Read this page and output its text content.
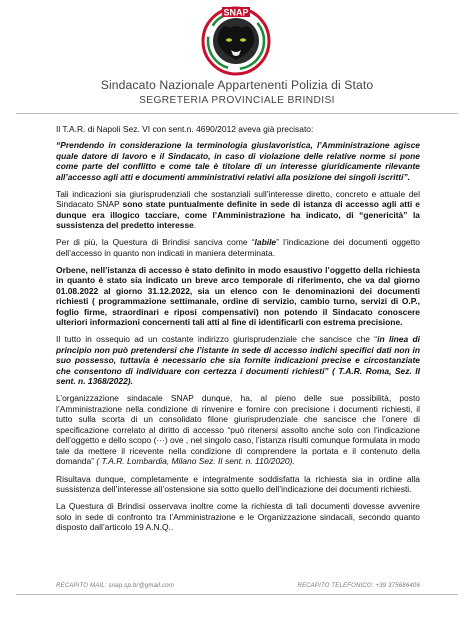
SNAP
Sindacato Nazionale Appartenenti Polizia di Stato
SEGRETERIA PROVINCIALE BRINDISI

Il T.A.R. di Napoli Sez. VI con sent.n. 4690/2012 aveva già precisato:

“Prendendo in considerazione la terminologia giuslavoristica, l’Amministrazione agisce quale datore di lavoro e il Sindacato, in caso di violazione delle relative norme si pone come parte del conflitto e come tale è titolare di un interesse giuridicamente rilevante all’accesso agli atti e documenti amministrativi relativi alla posizione dei singoli iscritti”.

Tali indicazioni sia giurisprudenziali che sostanziali sull’interesse diretto, concreto e attuale del Sindacato SNAP sono state puntualmente definite in sede di istanza di accesso agli atti e dunque era illogico tacciare, come l’Amministrazione ha indicato, di “genericità” la sussistenza del predetto interesse.

Per di più, la Questura di Brindisi sanciva come “labile” l’indicazione dei documenti oggetto dell’accesso in quanto non indicati in maniera determinata.

Orbene, nell’istanza di accesso è stato definito in modo esaustivo l’oggetto della richiesta in quanto è stato sia indicato un breve arco temporale di riferimento, che va dal giorno 01.08.2022 al giorno 31.12.2022, sia un elenco con le denominazioni dei documenti richiesti ( programmazione settimanale, ordine di servizio, cambio turno, servizi di O.P., foglio firme, straordinari e riposi compensativi) non potendo il Sindacato conoscere ulteriori informazioni concernenti tali atti al fine di identificarli con estrema precisione.

Il tutto in ossequio ad un costante indirizzo giurisprudenziale che sancisce che “in linea di principio non può pretendersi che l’istante in sede di accesso indichi specifici dati non in suo possesso, tuttavia è necessario che sia fornite indicazioni precise e circostanziate che consentono di individuare con certezza i documenti richiesti” ( T.A.R. Roma, Sez. II sent. n. 1368/2022).

L’organizzazione sindacale SNAP dunque, ha, al pieno delle sue possibilità, posto l’Amministrazione nella condizione di rinvenire e fornire con precisione i documenti richiesti, il tutto sulla scorta di un consolidato filone giurisprudenziale che sancisce che l’onere di specificazione correlato al diritto di accesso “può ritenersi assolto anche solo con l’indicazione dell’oggetto e dello scopo (···) ove , nel singolo caso, l’istanza risulti comunque formulata in modo tale da mettere il ricevente nella condizione di comprendere la portata e il contenuto della domanda” ( T.A.R. Lombardia, Milano Sez. II sent. n. 110/2020).

Risultava dunque, completamente e integralmente soddisfatta la richiesta sia in ordine alla sussistenza dell’interesse all’ostensione sia sotto quello dell’indicazione dei documenti richiesti.

La Questura di Brindisi osservava inoltre come la richiesta di tali documenti dovesse avvenire solo in sede di confronto tra l’Amministrazione e le Organizzazione sindacali, secondo quanto disposto dall’articolo 19 A.N.Q..

RECAPITO MAIL: snap.sp.br@gmail.com	RECAPITO TELEFONICO: +39 375686406
